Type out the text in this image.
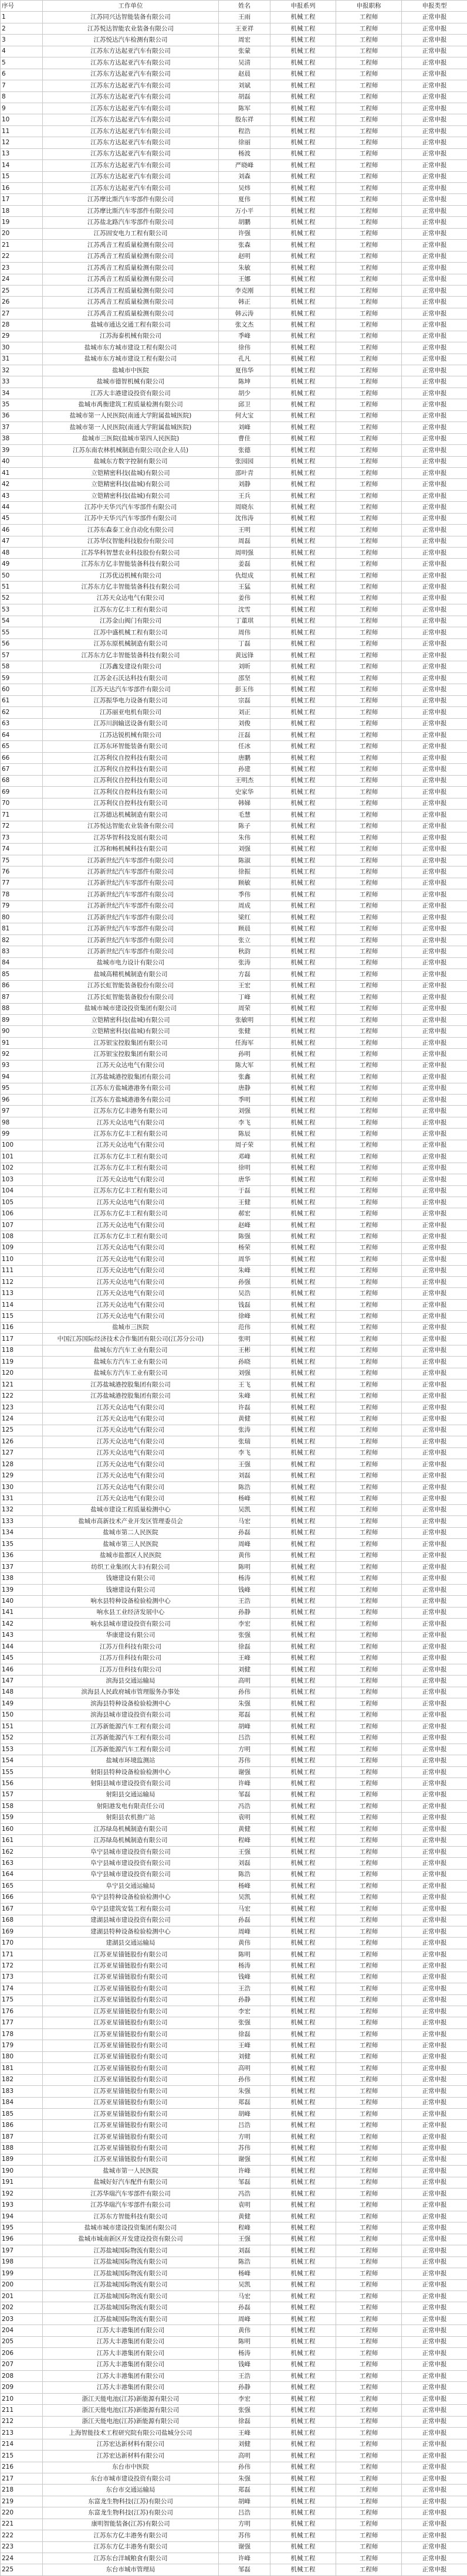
序号	工作单位	姓名	申报系列	申报职称	申报类型
1	江苏同兴达智能装备有限公司	王雨	机械工程	工程师	正常申报
2	江苏悦达智能农业装备有限公司	王亚祥	机械工程	工程师	正常申报
3	江苏悦达汽车检测有限公司	周宏	机械工程	工程师	正常申报
4	江苏东方达起亚汽车有限公司	张蒙	机械工程	工程师	正常申报
5	江苏东方达起亚汽车有限公司	吴清	机械工程	工程师	正常申报
6	江苏东方达起亚汽车有限公司	赵晨	机械工程	工程师	正常申报
7	江苏东方达起亚汽车有限公司	刘斌	机械工程	工程师	正常申报
8	江苏东方达起亚汽车有限公司	胡磊	机械工程	工程师	正常申报
9	江苏东方达起亚汽车有限公司	陈军	机械工程	工程师	正常申报
10	江苏东方达起亚汽车有限公司	殷东祥	机械工程	工程师	正常申报
11	江苏东方达起亚汽车有限公司	程浩	机械工程	工程师	正常申报
12	江苏东方达起亚汽车有限公司	徐丽	机械工程	工程师	正常申报
13	江苏东方达起亚汽车有限公司	杨波	机械工程	工程师	正常申报
14	江苏东方达起亚汽车有限公司	严晓峰	机械工程	工程师	正常申报
15	江苏东方达起亚汽车有限公司	刘森	机械工程	工程师	正常申报
16	江苏东方达起亚汽车有限公司	吴炜	机械工程	工程师	正常申报
17	江苏摩比斯汽车零部件有限公司	夏伟	机械工程	工程师	正常申报
18	江苏摩比斯汽车零部件有限公司	万小平	机械工程	工程师	正常申报
19	江苏盐北路汽车零部件有限公司	胡鹏	机械工程	工程师	正常申报
20	江苏固安电力工程有限公司	许强	机械工程	工程师	正常申报
21	江苏禹音工程质量检测有限公司	张森	机械工程	工程师	正常申报
22	江苏禹音工程质量检测有限公司	赵明	机械工程	工程师	正常申报
23	江苏禹音工程质量检测有限公司	朱敏	机械工程	工程师	正常申报
24	江苏禹音工程质量检测有限公司	王娜	机械工程	工程师	正常申报
25	江苏禹音工程质量检测有限公司	李克刚	机械工程	工程师	正常申报
26	江苏禹音工程质量检测有限公司	韩正	机械工程	工程师	正常申报
27	江苏禹音工程质量检测有限公司	韩云涛	机械工程	工程师	正常申报
28	盐城市通达交通工程有限公司	张文杰	机械工程	工程师	正常申报
29	江苏海泰机械有限公司	季峰	机械工程	工程师	正常申报
30	盐城市东方城市建设工程有限公司	徐伟	机械工程	工程师	正常申报
31	盐城市东方城市建设工程有限公司	孔凡	机械工程	工程师	正常申报
32	盐城市中医院	夏伟华	机械工程	工程师	正常申报
33	盐城市德智机械有限公司	陈坤	机械工程	工程师	正常申报
34	江苏大丰港建设投资有限公司	胡少	机械工程	工程师	正常申报
35	盐城市禹衡建筑工程质量检测有限公司	邱卫	机械工程	工程师	正常申报
36	盐城市第一人民医院(南通大学附属盐城医院)	何大宝	机械工程	工程师	正常申报
37	盐城市第一人民医院(南通大学附属盐城医院)	刘峰	机械工程	工程师	正常申报
38	盐城市三医院(盐城市第四人民医院)	曹佳	机械工程	工程师	正常申报
39	江苏东南农林机械制造有限公司(企业人员)	张德	机械工程	工程师	正常申报
40	盐城东方数字控制有限公司	张园园	机械工程	工程师	正常申报
41	立铠精密科技(盐城)有限公司	邵叶青	机械工程	工程师	正常申报
42	立铠精密科技(盐城)有限公司	刘静	机械工程	工程师	正常申报
43	立铠精密科技(盐城)有限公司	王兵	机械工程	工程师	正常申报
44	江苏中天华兴汽车零部件有限公司	周晓东	机械工程	工程师	正常申报
45	江苏中天华兴汽车零部件有限公司	沈伟涛	机械工程	工程师	正常申报
46	江苏东森泰工业自动化有限公司	王明	机械工程	工程师	正常申报
47	江苏华仪智能科技股份有限公司	周磊	机械工程	工程师	正常申报
48	江苏华科智慧农业科技股份有限公司	周明强	机械工程	工程师	正常申报
49	江苏东方亿丰智能装备科技有限公司	姜磊	机械工程	工程师	正常申报
50	江苏优迈机械有限公司	仇煜成	机械工程	工程师	正常申报
51	江苏东方亿丰智能装备科技有限公司	王猛	机械工程	工程师	正常申报
52	江苏天众达电气有限公司	姜伟	机械工程	工程师	正常申报
53	江苏东方亿丰工程有限公司	沈雪	机械工程	工程师	正常申报
54	江苏金山阀门有限公司	丁董琪	机械工程	工程师	正常申报
55	江苏中盛机械工程有限公司	周伟	机械工程	工程师	正常申报
56	江苏东原机械制造有限公司	丁磊	机械工程	工程师	正常申报
57	江苏东方亿丰智能装备科技有限公司	黄远锋	机械工程	工程师	正常申报
58	江苏鑫发建设有限公司	刘昕	机械工程	工程师	正常申报
59	江苏金石沃达科技有限公司	邵坚	机械工程	工程师	正常申报
60	江苏天达汽车零部件有限公司	彭玉伟	机械工程	工程师	正常申报
61	江苏振华电力设备有限公司	宗磊	机械工程	工程师	正常申报
62	江苏丽亚电机有限公司	刘正	机械工程	工程师	正常申报
63	江苏川润输送设备有限公司	刘俊	机械工程	工程师	正常申报
64	江苏达锐机械有限公司	汪磊	机械工程	工程师	正常申报
65	江苏东环智能装备有限公司	任冰	机械工程	工程师	正常申报
66	江苏利仪自控科技有限公司	唐鹏	机械工程	工程师	正常申报
67	江苏利仪自控科技有限公司	孙建	机械工程	工程师	正常申报
68	江苏利仪自控科技有限公司	王明杰	机械工程	工程师	正常申报
69	江苏利仪自控科技有限公司	史家华	机械工程	工程师	正常申报
70	江苏利仪自控科技有限公司	韩娣	机械工程	工程师	正常申报
71	江苏德达机械制造有限公司	毛慧	机械工程	工程师	正常申报
72	江苏悦达智能农业装备有限公司	陈子	机械工程	工程师	正常申报
73	江苏华智科技发展有限公司	朱伟	机械工程	工程师	正常申报
74	江苏和畅机械科技有限公司	刘强	机械工程	工程师	正常申报
75	江苏新世纪汽车零部件有限公司	陈淑	机械工程	工程师	正常申报
76	江苏新世纪汽车零部件有限公司	徐振	机械工程	工程师	正常申报
77	江苏新世纪汽车零部件有限公司	顾敏	机械工程	工程师	正常申报
78	江苏新世纪汽车零部件有限公司	季伟	机械工程	工程师	正常申报
79	江苏新世纪汽车零部件有限公司	周成	机械工程	工程师	正常申报
80	江苏新世纪汽车零部件有限公司	梁红	机械工程	工程师	正常申报
81	江苏新世纪汽车零部件有限公司	顾晨	机械工程	工程师	正常申报
82	江苏新世纪汽车零部件有限公司	张立	机械工程	工程师	正常申报
83	江苏新世纪汽车零部件有限公司	秋韵	机械工程	工程师	正常申报
84	盐城市电力设计有限公司	张涛	机械工程	工程师	正常申报
85	盐城高精机械制造有限公司	方磊	机械工程	工程师	正常申报
86	江苏长虹智能装备股份有限公司	王宏	机械工程	工程师	正常申报
87	江苏长虹智能装备股份有限公司	丁峰	机械工程	工程师	正常申报
88	盐城市城市建设投资集团有限公司	周荣	机械工程	工程师	正常申报
89	立铠精密科技(盐城)有限公司	张敏明	机械工程	工程师	正常申报
90	立铠精密科技(盐城)有限公司	张健	机械工程	工程师	正常申报
91	江苏银宝控股集团有限公司	任海军	机械工程	工程师	正常申报
92	江苏银宝控股集团有限公司	孙明	机械工程	工程师	正常申报
93	江苏天众达电气有限公司	陈大军	机械工程	工程师	正常申报
94	江苏盐城港控股集团有限公司	张鑫	机械工程	工程师	正常申报
95	江苏东方盐城港港务有限公司	唐静	机械工程	工程师	正常申报
96	江苏东方盐城港港务有限公司	季明	机械工程	工程师	正常申报
97	江苏东方亿丰港务有限公司	刘强	机械工程	工程师	正常申报
98	江苏天众达电气有限公司	李飞	机械工程	工程师	正常申报
99	江苏东方亿丰工程有限公司	陈辰	机械工程	工程师	正常申报
100	江苏天众达电气有限公司	周子荣	机械工程	工程师	正常申报
101	江苏东方亿丰工程有限公司	邓峰	机械工程	工程师	正常申报
102	江苏东方亿丰工程有限公司	徐明	机械工程	工程师	正常申报
103	江苏天众达电气有限公司	唐华	机械工程	工程师	正常申报
104	江苏东方亿丰工程有限公司	于磊	机械工程	工程师	正常申报
105	江苏天众达电气有限公司	王健	机械工程	工程师	正常申报
106	江苏东方亿丰工程有限公司	郝宏	机械工程	工程师	正常申报
107	江苏天众达电气有限公司	赵峰	机械工程	工程师	正常申报
108	江苏东方亿丰工程有限公司	陈强	机械工程	工程师	正常申报
109	江苏天众达电气有限公司	杨荣	机械工程	工程师	正常申报
110	江苏天众达电气有限公司	周华	机械工程	工程师	正常申报
111	江苏天众达电气有限公司	朱峰	机械工程	工程师	正常申报
112	江苏天众达电气有限公司	孙强	机械工程	工程师	正常申报
113	江苏天众达电气有限公司	吴浩	机械工程	工程师	正常申报
114	江苏天众达电气有限公司	钱磊	机械工程	工程师	正常申报
115	江苏天众达电气有限公司	徐峰	机械工程	工程师	正常申报
116	盐城市三医院	范伟	机械工程	工程师	正常申报
117	中国江苏国际经济技术合作集团有限公司(江苏分公司)	张明	机械工程	工程师	正常申报
118	盐城东方汽车工业有限公司	王彬	机械工程	工程师	正常申报
119	盐城东方汽车工业有限公司	孙晓	机械工程	工程师	正常申报
120	盐城东方汽车工业有限公司	刘强	机械工程	工程师	正常申报
121	江苏盐城港控股集团有限公司	王飞	机械工程	工程师	正常申报
122	江苏盐城港控股集团有限公司	朱峰	机械工程	工程师	正常申报
123	江苏天众达电气有限公司	许磊	机械工程	工程师	正常申报
124	江苏天众达电气有限公司	黄健	机械工程	工程师	正常申报
125	江苏天众达电气有限公司	张涛	机械工程	工程师	正常申报
126	江苏天众达电气有限公司	张瑞	机械工程	工程师	正常申报
127	江苏天众达电气有限公司	李飞	机械工程	工程师	正常申报
128	江苏天众达电气有限公司	王强	机械工程	工程师	正常申报
129	江苏天众达电气有限公司	刘磊	机械工程	工程师	正常申报
130	江苏天众达电气有限公司	陈浩	机械工程	工程师	正常申报
131	江苏天众达电气有限公司	杨峰	机械工程	工程师	正常申报
132	盐城市建设工程质量检测中心	吴凯	机械工程	工程师	正常申报
133	盐城市高新技术产业开发区管理委员会	马宏	机械工程	工程师	正常申报
134	盐城市第二人民医院	孙磊	机械工程	工程师	正常申报
135	盐城市第三人民医院	周峰	机械工程	工程师	正常申报
136	盐城市盐都区人民医院	黄伟	机械工程	工程师	正常申报
137	纺织工业集团(大丰)有限公司	陈明	机械工程	工程师	正常申报
138	钱塘建设有限公司	杨涛	机械工程	工程师	正常申报
139	钱塘建设有限公司	钱峰	机械工程	工程师	正常申报
140	响水县特种设备检验检测中心	王浩	机械工程	工程师	正常申报
141	响水县工业经济发展中心	孙静	机械工程	工程师	正常申报
142	响水县城市建设投资有限公司	李宏	机械工程	工程师	正常申报
143	华康建设有限公司	张强	机械工程	工程师	正常申报
144	江苏万佳科技有限公司	徐磊	机械工程	工程师	正常申报
145	江苏万佳科技有限公司	王峰	机械工程	工程师	正常申报
146	江苏万佳科技有限公司	刘健	机械工程	工程师	正常申报
147	滨海县交通运输局	高明	机械工程	工程师	正常申报
148	滨海县人民政府城市管理服务办事处	孙伟	机械工程	工程师	正常申报
149	滨海县特种设备检验检测中心	朱强	机械工程	工程师	正常申报
150	滨海县城市建设投资有限公司	郑磊	机械工程	工程师	正常申报
151	江苏新能源汽车工程有限公司	胡峰	机械工程	工程师	正常申报
152	江苏新能源汽车工程有限公司	吕浩	机械工程	工程师	正常申报
153	江苏新能源汽车工程有限公司	方明	机械工程	工程师	正常申报
154	盐城市环境监测站	苏伟	机械工程	工程师	正常申报
155	射阳县特种设备检验检测中心	谢强	机械工程	工程师	正常申报
156	射阳县城市建设投资有限公司	许峰	机械工程	工程师	正常申报
157	射阳县交通运输局	邹磊	机械工程	工程师	正常申报
158	射阳港发电有限责任公司	冯浩	机械工程	工程师	正常申报
159	射阳县农机推广站	袁明	机械工程	工程师	正常申报
160	江苏绿岛机械制造有限公司	黄健	机械工程	工程师	正常申报
161	江苏绿岛机械制造有限公司	程峰	机械工程	工程师	正常申报
162	阜宁县城市建设投资有限公司	王强	机械工程	工程师	正常申报
163	阜宁县城市建设投资有限公司	刘磊	机械工程	工程师	正常申报
164	阜宁县城市建设投资有限公司	陈浩	机械工程	工程师	正常申报
165	阜宁县交通运输局	杨峰	机械工程	工程师	正常申报
166	阜宁县特种设备检验检测中心	吴凯	机械工程	工程师	正常申报
167	阜宁县建筑安装工程有限公司	马宏	机械工程	工程师	正常申报
168	建湖县城市建设投资有限公司	孙磊	机械工程	工程师	正常申报
169	建湖县特种设备检验检测中心	周峰	机械工程	工程师	正常申报
170	建湖县交通运输局	黄伟	机械工程	工程师	正常申报
171	江苏亚星锚链股份有限公司	陈明	机械工程	工程师	正常申报
172	江苏亚星锚链股份有限公司	杨涛	机械工程	工程师	正常申报
173	江苏亚星锚链股份有限公司	钱峰	机械工程	工程师	正常申报
174	江苏亚星锚链股份有限公司	王浩	机械工程	工程师	正常申报
175	江苏亚星锚链股份有限公司	孙静	机械工程	工程师	正常申报
176	江苏亚星锚链股份有限公司	李宏	机械工程	工程师	正常申报
177	江苏亚星锚链股份有限公司	张强	机械工程	工程师	正常申报
178	江苏亚星锚链股份有限公司	徐磊	机械工程	工程师	正常申报
179	江苏亚星锚链股份有限公司	王峰	机械工程	工程师	正常申报
180	江苏亚星锚链股份有限公司	刘健	机械工程	工程师	正常申报
181	江苏亚星锚链股份有限公司	高明	机械工程	工程师	正常申报
182	江苏亚星锚链股份有限公司	孙伟	机械工程	工程师	正常申报
183	江苏亚星锚链股份有限公司	朱强	机械工程	工程师	正常申报
184	江苏亚星锚链股份有限公司	郑磊	机械工程	工程师	正常申报
185	江苏亚星锚链股份有限公司	胡峰	机械工程	工程师	正常申报
186	江苏亚星锚链股份有限公司	吕浩	机械工程	工程师	正常申报
187	江苏亚星锚链股份有限公司	方明	机械工程	工程师	正常申报
188	江苏亚星锚链股份有限公司	苏伟	机械工程	工程师	正常申报
189	江苏亚星锚链股份有限公司	谢强	机械工程	工程师	正常申报
190	盐城市第一人民医院	许峰	机械工程	工程师	正常申报
191	盐城好好汽车配件有限公司	邹磊	机械工程	工程师	正常申报
192	江苏华瑞汽车零部件有限公司	冯浩	机械工程	工程师	正常申报
193	江苏华瑞汽车零部件有限公司	袁明	机械工程	工程师	正常申报
194	江苏东方智能科技有限公司	黄健	机械工程	工程师	正常申报
195	盐城市城市建设投资集团有限公司	程峰	机械工程	工程师	正常申报
196	盐城市城南新区开发建设投资有限公司	王强	机械工程	工程师	正常申报
197	江苏盐城国际物流有限公司	刘磊	机械工程	工程师	正常申报
198	江苏盐城国际物流有限公司	陈浩	机械工程	工程师	正常申报
199	江苏盐城国际物流有限公司	杨峰	机械工程	工程师	正常申报
200	江苏盐城国际物流有限公司	吴凯	机械工程	工程师	正常申报
201	江苏盐城国际物流有限公司	马宏	机械工程	工程师	正常申报
202	江苏盐城国际物流有限公司	孙磊	机械工程	工程师	正常申报
203	江苏盐城国际物流有限公司	周峰	机械工程	工程师	正常申报
204	江苏大丰港集团有限公司	黄伟	机械工程	工程师	正常申报
205	江苏大丰港集团有限公司	陈明	机械工程	工程师	正常申报
206	江苏大丰港集团有限公司	杨涛	机械工程	工程师	正常申报
207	江苏大丰港集团有限公司	钱峰	机械工程	工程师	正常申报
208	江苏大丰港集团有限公司	王浩	机械工程	工程师	正常申报
209	江苏大丰港集团有限公司	孙静	机械工程	工程师	正常申报
210	浙江天能电池(江苏)新能源有限公司	李宏	机械工程	工程师	正常申报
211	浙江天能电池(江苏)新能源有限公司	张强	机械工程	工程师	正常申报
212	浙江天能电池(江苏)新能源有限公司	徐磊	机械工程	工程师	正常申报
213	上海智能技术工程研究院有限公司盐城分公司	王峰	机械工程	工程师	正常申报
214	江苏宏达新材料有限公司	刘健	机械工程	工程师	正常申报
215	江苏宏达新材料有限公司	高明	机械工程	工程师	正常申报
216	东台市中医院	孙伟	机械工程	工程师	正常申报
217	东台市城市建设投资有限公司	朱强	机械工程	工程师	正常申报
218	东台市交通运输局	郑磊	机械工程	工程师	正常申报
219	东富龙生物科技(江苏)有限公司	胡峰	机械工程	工程师	正常申报
220	东富龙生物科技(江苏)有限公司	吕浩	机械工程	工程师	正常申报
221	康明智能装备(江苏)有限公司	方明	机械工程	工程师	正常申报
222	江苏东方亿丰港务有限公司	苏伟	机械工程	工程师	正常申报
223	江苏东方亿丰港务有限公司	谢强	机械工程	工程师	正常申报
224	江苏东台洋城粮食有限公司	许峰	机械工程	工程师	正常申报
225	东台市城市管理局	邹磊	机械工程	工程师	正常申报
